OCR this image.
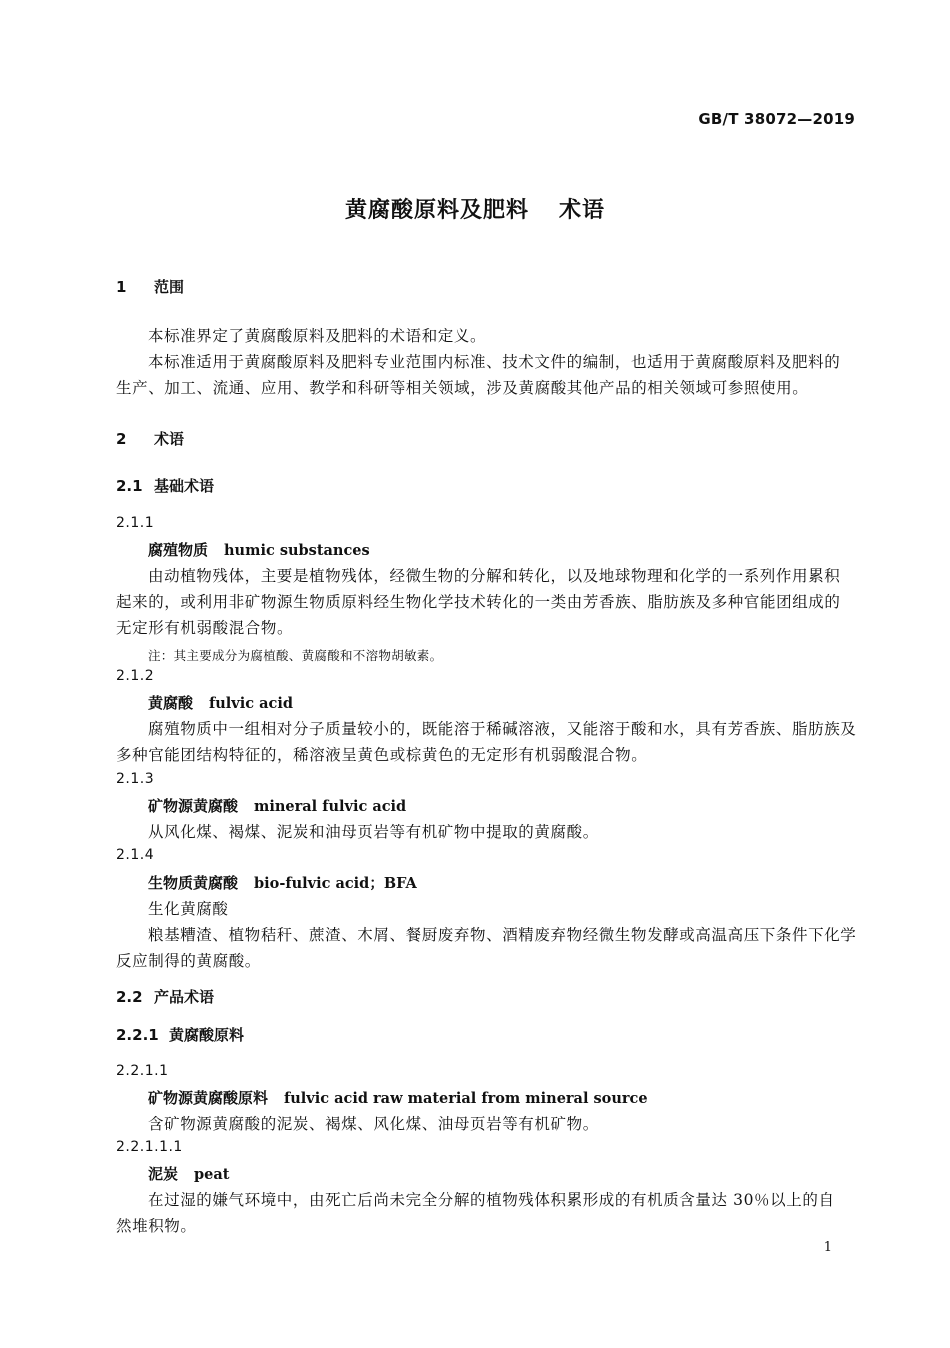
GB/T 38072—2019
黄腐酸原料及肥料 术语
1 范围
本标准界定了黄腐酸原料及肥料的术语和定义。
本标准适用于黄腐酸原料及肥料专业范围内标准、技术文件的编制，也适用于黄腐酸原料及肥料的
生产、加工、流通、应用、教学和科研等相关领域，涉及黄腐酸其他产品的相关领域可参照使用。
2 术语
2.1 基础术语
2.1.1
腐殖物质 humic substances
由动植物残体，主要是植物残体，经微生物的分解和转化，以及地球物理和化学的一系列作用累积
起来的，或利用非矿物源生物质原料经生物化学技术转化的一类由芳香族、脂肪族及多种官能团组成的
无定形有机弱酸混合物。
注：其主要成分为腐植酸、黄腐酸和不溶物胡敏素。
2.1.2
黄腐酸 fulvic acid
腐殖物质中一组相对分子质量较小的，既能溶于稀碱溶液，又能溶于酸和水，具有芳香族、脂肪族及
多种官能团结构特征的，稀溶液呈黄色或棕黄色的无定形有机弱酸混合物。
2.1.3
矿物源黄腐酸 mineral fulvic acid
从风化煤、褐煤、泥炭和油母页岩等有机矿物中提取的黄腐酸。
2.1.4
生物质黄腐酸 bio-fulvic acid；BFA
生化黄腐酸
粮基糟渣、植物秸秆、蔗渣、木屑、餐厨废弃物、酒精废弃物经微生物发酵或高温高压下条件下化学
反应制得的黄腐酸。
2.2 产品术语
2.2.1 黄腐酸原料
2.2.1.1
矿物源黄腐酸原料 fulvic acid raw material from mineral source
含矿物源黄腐酸的泥炭、褐煤、风化煤、油母页岩等有机矿物。
2.2.1.1.1
泥炭 peat
在过湿的嫌气环境中，由死亡后尚未完全分解的植物残体积累形成的有机质含量达 30％以上的自
然堆积物。
1
